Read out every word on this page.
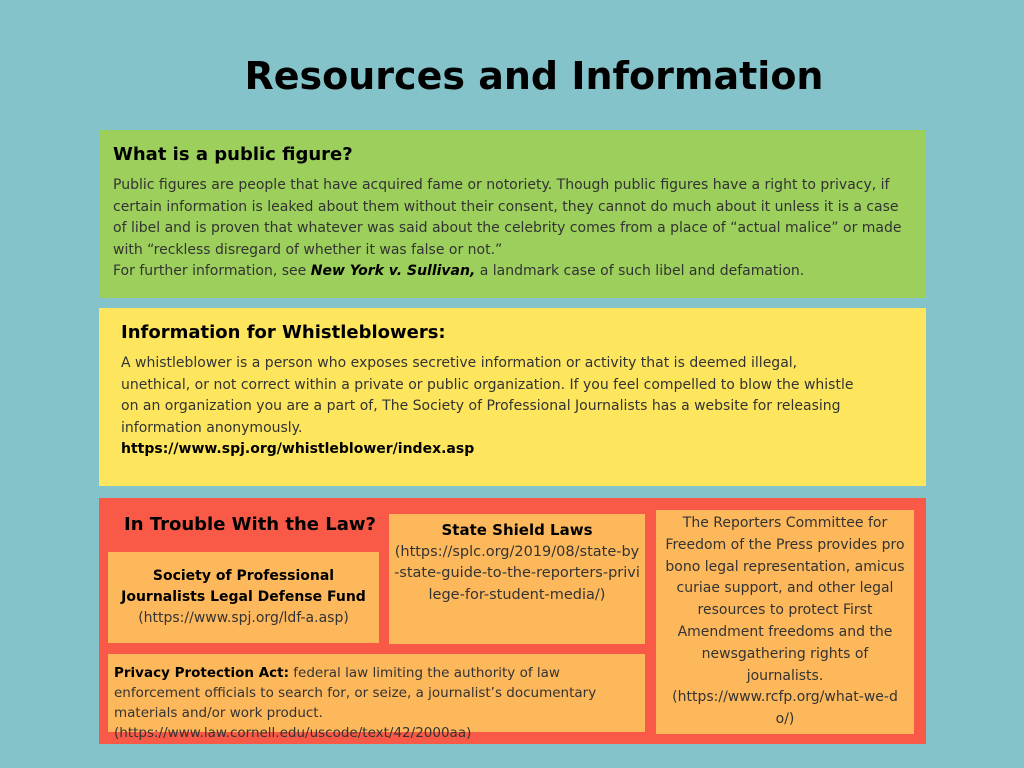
Resources and Information
What is a public figure?
Public figures are people that have acquired fame or notoriety. Though public figures have a right to privacy, if certain information is leaked about them without their consent, they cannot do much about it unless it is a case of libel and is proven that whatever was said about the celebrity comes from a place of “actual malice” or made with “reckless disregard of whether it was false or not.”
For further information, see New York v. Sullivan, a landmark case of such libel and defamation.
Information for Whistleblowers:
A whistleblower is a person who exposes secretive information or activity that is deemed illegal, unethical, or not correct within a private or public organization. If you feel compelled to blow the whistle on an organization you are a part of, The Society of Professional Journalists has a website for releasing information anonymously.
https://www.spj.org/whistleblower/index.asp
In Trouble With the Law?
Society of Professional Journalists Legal Defense Fund
(https://www.spj.org/ldf-a.asp)
State Shield Laws
(https://splc.org/2019/08/state-by-state-guide-to-the-reporters-privilege-for-student-media/)
The Reporters Committee for Freedom of the Press provides pro bono legal representation, amicus curiae support, and other legal resources to protect First Amendment freedoms and the newsgathering rights of journalists.
(https://www.rcfp.org/what-we-do/)
Privacy Protection Act: federal law limiting the authority of law enforcement officials to search for, or seize, a journalist’s documentary materials and/or work product. (https://www.law.cornell.edu/uscode/text/42/2000aa)
